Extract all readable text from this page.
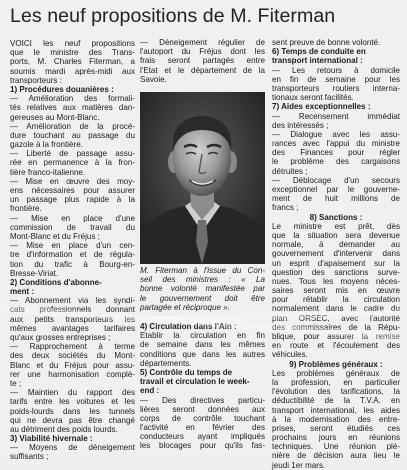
Les neuf propositions de M. Fiterman
VOICI les neuf propositions
que le ministre des Trans-
ports, M. Charles Fiterman, a
soumis mardi après-midi aux
transporteurs :
1) Procédures douanières :
— Amélioration des formali-
tés relatives aux matières dan-
gereuses au Mont-Blanc.
— Amélioration de la procé-
dure touchant au passage du
gazole à la frontière.
— Liberté de passage assu-
rée en permanence à la fron-
tière franco-italienne.
— Mise en œuvre des moy-
ens nécessaires pour assurer
un passage plus rapide à la
frontière.
— Mise en place d'une
commission de travail du
Mont-Blanc et du Fréjus ;
— Mise en place d'un cen-
tre d'information et de régula-
tion du trafic à Bourg-en-
Bresse-Viriat.
2) Conditions d'abonne-
ment :
— Abonnement via les syndi-
cats professionnels donnant
aux petits transporteurs les
mêmes avantages tarifaires
qu'aux grosses entreprises ;
— Rapprochement à terme
des deux sociétés du Mont-
Blanc et du Fréjus pour assu-
rer une harmonisation complè-
te ;
— Maintien du rapport des
tarifs entre les voitures et les
poids-lourds dans les tunnels
qui ne devra pas être changé
au détriment des poids lourds.
3) Viabilité hivernale :
— Moyens de déneigement
suffisants ;
— Déneigement régulier de
l'autoport du Fréjus dont les
frais seront partagés entre
l'Etat et le département de la
Savoie.
M. Fiterman à l'issue du Con-
seil des ministres : « La
bonne volonté manifestée par
le gouvernement doit être
partagée et réciproque ».
4) Circulation dans l'Ain :
Etablir la circulation en fin
de semaine dans les mêmes
conditions que dans les autres
départements.
5) Contrôle du temps de
travail et circulation le week-
end :
— Des directives particu-
lières seront données aux
corps de contrôle touchant
l'activité en février des
conducteurs ayant impliqués
les blocages pour qu'ils fas-
sent preuve de bonne volonté.
6) Temps de conduite en
transport international :
— Les retours à domicile
en fin de semaine pour les
transporteurs routiers interna-
tionaux seront facilités.
7) Aides exceptionnelles :
— Recensement immédiat
des intéressés ;
— Dialogue avec les assu-
rances avec l'appui du ministre
des Finances pour régler
le problème des cargaisons
détruites ;
— Déblocage d'un secours
exceptionnel par le gouverne-
ment de huit millions de
francs ;
8) Sanctions :
Le ministre est prêt, dès
que la situation sera devenue
normale, à demander au
gouvernement d'intervenir dans
un esprit d'apaisement sur la
question des sanctions surve-
nues. Tous les moyens néces-
saires seront mis en œuvre
pour rétablir la circulation
normalement dans le cadre du
plan ORSEC, avec l'autorité
des commissaires de la Répu-
blique, pour assurer la remise
en route et l'écoulement des
véhicules.
9) Problèmes généraux :
Les problèmes généraux de
la profession, en particulier
l'évolution des tarifications, la
déductibilité de la T.V.A. en
transport international, les aides
à la modernisation des entre-
prises, seront étudiés ces
prochains jours en réunions
techniques. Une réunion plé-
nière de décision aura lieu le
jeudi 1er mars.
